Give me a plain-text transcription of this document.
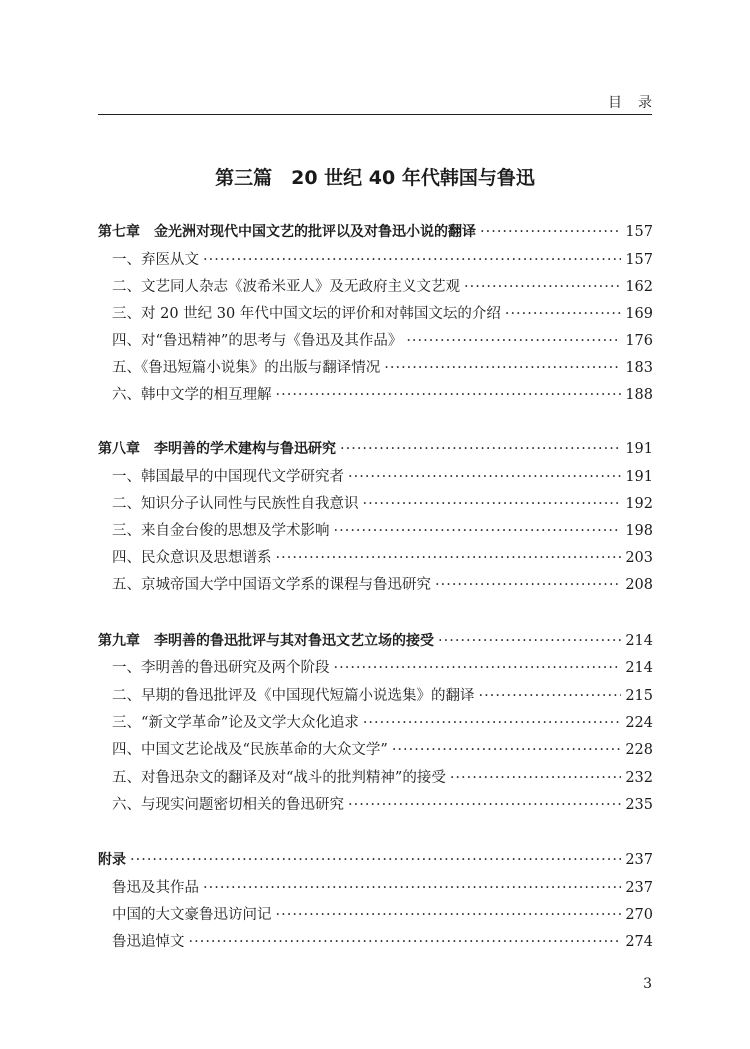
目录
第三篇　20 世纪 40 年代韩国与鲁迅
第七章　金光洲对现代中国文艺的批评以及对鲁迅小说的翻译 ·····	157
一、弃医从文 ·····	157
二、文艺同人杂志《波希米亚人》及无政府主义文艺观 ·····	162
三、对 20 世纪 30 年代中国文坛的评价和对韩国文坛的介绍 ·····	169
四、对“鲁迅精神”的思考与《鲁迅及其作品》 ·····	176
五、《鲁迅短篇小说集》的出版与翻译情况 ·····	183
六、韩中文学的相互理解 ·····	188
第八章　李明善的学术建构与鲁迅研究 ·····	191
一、韩国最早的中国现代文学研究者 ·····	191
二、知识分子认同性与民族性自我意识 ·····	192
三、来自金台俊的思想及学术影响 ·····	198
四、民众意识及思想谱系 ·····	203
五、京城帝国大学中国语文学系的课程与鲁迅研究 ·····	208
第九章　李明善的鲁迅批评与其对鲁迅文艺立场的接受 ·····	214
一、李明善的鲁迅研究及两个阶段 ·····	214
二、早期的鲁迅批评及《中国现代短篇小说选集》的翻译 ·····	215
三、“新文学革命”论及文学大众化追求 ·····	224
四、中国文艺论战及“民族革命的大众文学” ·····	228
五、对鲁迅杂文的翻译及对“战斗的批判精神”的接受 ·····	232
六、与现实问题密切相关的鲁迅研究 ·····	235
附录 ·····	237
鲁迅及其作品 ·····	237
中国的大文豪鲁迅访问记 ·····	270
鲁迅追悼文 ·····	274
3
